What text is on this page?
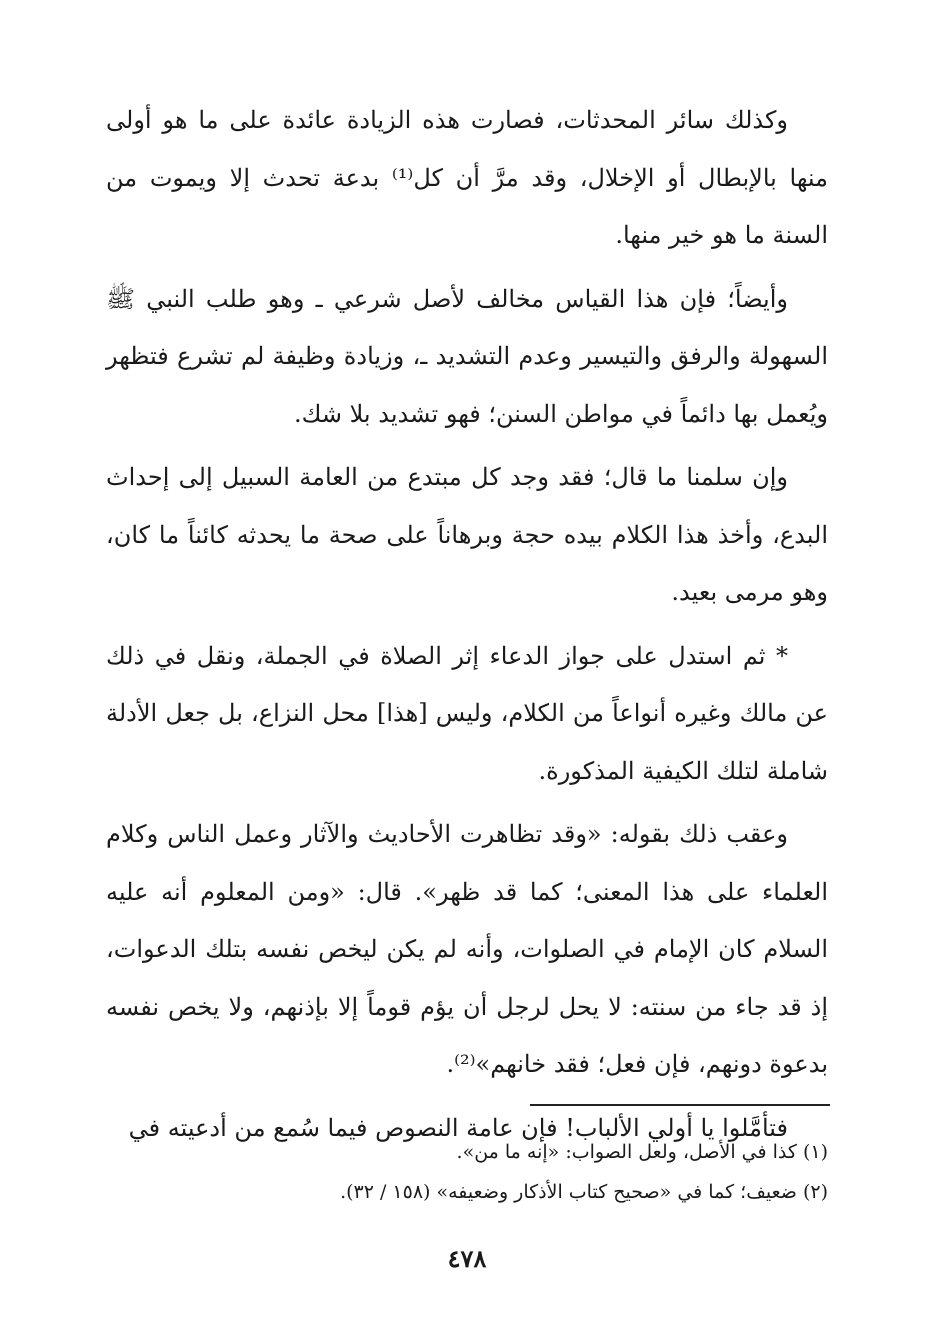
وكذلك سائر المحدثات، فصارت هذه الزيادة عائدة على ما هو أولى منها بالإبطال أو الإخلال، وقد مرَّ أن كل⁽¹⁾ بدعة تحدث إلا ويموت من السنة ما هو خير منها.

وأيضاً؛ فإن هذا القياس مخالف لأصل شرعي ـ وهو طلب النبي ﷺ السهولة والرفق والتيسير وعدم التشديد ـ، وزيادة وظيفة لم تشرع فتظهر ويُعمل بها دائماً في مواطن السنن؛ فهو تشديد بلا شك.

وإن سلمنا ما قال؛ فقد وجد كل مبتدع من العامة السبيل إلى إحداث البدع، وأخذ هذا الكلام بيده حجة وبرهاناً على صحة ما يحدثه كائناً ما كان، وهو مرمى بعيد.

* ثم استدل على جواز الدعاء إثر الصلاة في الجملة، ونقل في ذلك عن مالك وغيره أنواعاً من الكلام، وليس [هذا] محل النزاع، بل جعل الأدلة شاملة لتلك الكيفية المذكورة.

وعقب ذلك بقوله: «وقد تظاهرت الأحاديث والآثار وعمل الناس وكلام العلماء على هذا المعنى؛ كما قد ظهر». قال: «ومن المعلوم أنه عليه السلام كان الإمام في الصلوات، وأنه لم يكن ليخص نفسه بتلك الدعوات، إذ قد جاء من سنته: لا يحل لرجل أن يؤم قوماً إلا بإذنهم، ولا يخص نفسه بدعوة دونهم، فإن فعل؛ فقد خانهم»⁽²⁾.

فتأمَّلوا يا أولي الألباب! فإن عامة النصوص فيما سُمع من أدعيته في

(١) كذا في الأصل، ولعل الصواب: «إنه ما من».

(٢) ضعيف؛ كما في «صحيح كتاب الأذكار وضعيفه» (١٥٨ / ٣٢).

٤٧٨
